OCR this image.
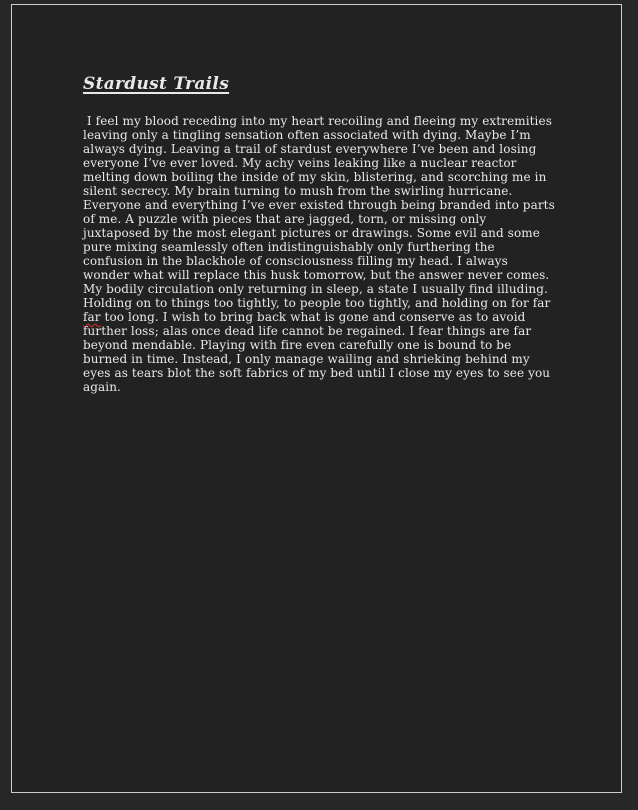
Stardust Trails

I feel my blood receding into my heart recoiling and fleeing my extremities leaving only a tingling sensation often associated with dying. Maybe I’m always dying. Leaving a trail of stardust everywhere I’ve been and losing everyone I’ve ever loved. My achy veins leaking like a nuclear reactor melting down boiling the inside of my skin, blistering, and scorching me in silent secrecy. My brain turning to mush from the swirling hurricane. Everyone and everything I’ve ever existed through being branded into parts of me. A puzzle with pieces that are jagged, torn, or missing only juxtaposed by the most elegant pictures or drawings. Some evil and some pure mixing seamlessly often indistinguishably only furthering the confusion in the blackhole of consciousness filling my head. I always wonder what will replace this husk tomorrow, but the answer never comes. My bodily circulation only returning in sleep, a state I usually find illuding. Holding on to things too tightly, to people too tightly, and holding on for far far too long. I wish to bring back what is gone and conserve as to avoid further loss; alas once dead life cannot be regained. I fear things are far beyond mendable. Playing with fire even carefully one is bound to be burned in time. Instead, I only manage wailing and shrieking behind my eyes as tears blot the soft fabrics of my bed until I close my eyes to see you again.
